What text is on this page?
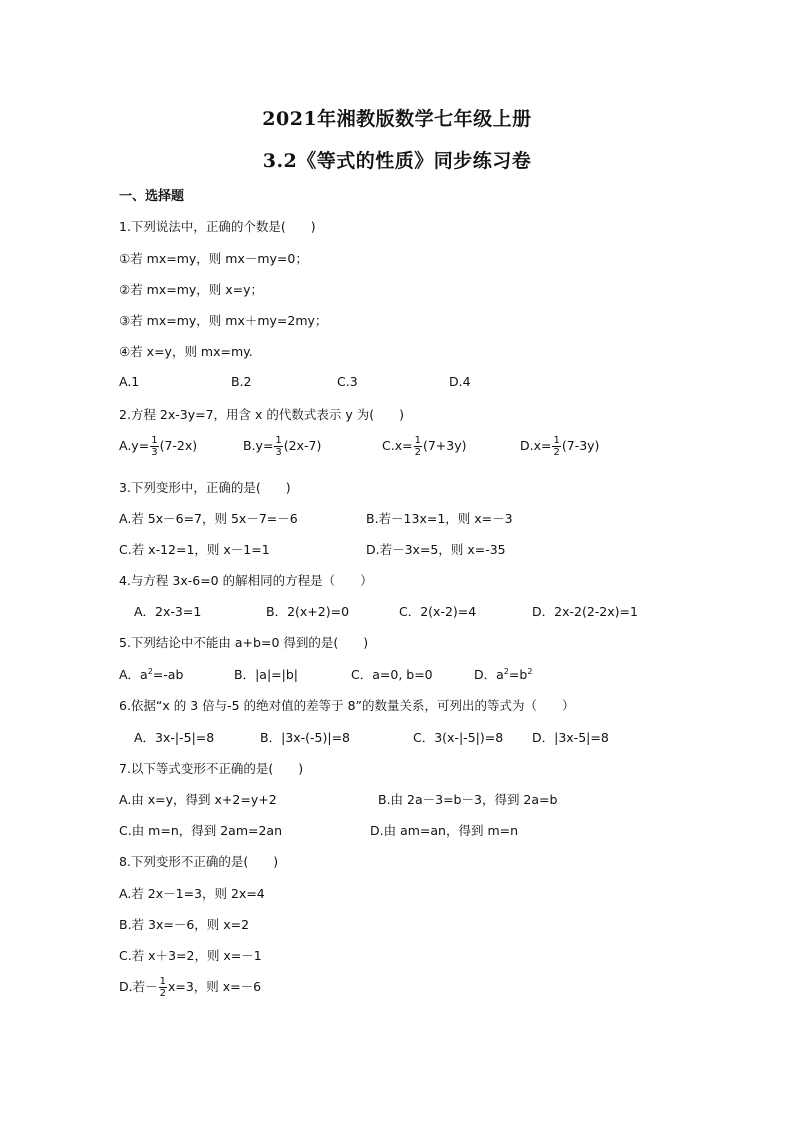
2021年湘教版数学七年级上册
3.2《等式的性质》同步练习卷
一、选择题
1.下列说法中，正确的个数是(　　)
①若 mx=my，则 mx－my=0；
②若 mx=my，则 x=y；
③若 mx=my，则 mx＋my=2my；
④若 x=y，则 mx=my.
A.1	B.2	C.3	D.4
2.方程 2x-3y=7，用含 x 的代数式表示 y 为(　　)
$A.y= \frac{1}{3} (7-2x)$	$B.y= \frac{1}{3} (2x-7)$	$C.x= \frac{1}{2} (7+3y)$	$D.x= \frac{1}{2} (7-3y)$
3.下列变形中，正确的是(　　)
A.若 5x－6=7，则 5x－7=－6	B.若－13x=1，则 x=－3
C.若 x-12=1，则 x－1=1	D.若－3x=5，则 x=-35
4.与方程 3x-6=0 的解相同的方程是（　　）
A．2x-3=1	B．2(x+2)=0	C．2(x-2)=4	D．2x-2(2-2x)=1
5.下列结论中不能由 a+b=0 得到的是(　　)
A．$a^2=-ab$	B．|a|=|b|	C．a=0, b=0	D．$a^2=b^2$
6.依据“x 的 3 倍与-5 的绝对值的差等于 8”的数量关系，可列出的等式为（　　）
A．3x-|-5|=8	B．|3x-(-5)|=8	C．3(x-|-5|)=8 D．|3x-5|=8
7.以下等式变形不正确的是(　　)
A.由 x=y，得到 x+2=y+2	B.由 2a－3=b－3，得到 2a=b
C.由 m=n，得到 2am=2an	D.由 am=an，得到 m=n
8.下列变形不正确的是(　　)
A.若 2x－1=3，则 2x=4
B.若 3x=－6，则 x=2
C.若 x＋3=2，则 x=－1
D.若－ $\frac{1}{2} x=3$，则 x=－6
